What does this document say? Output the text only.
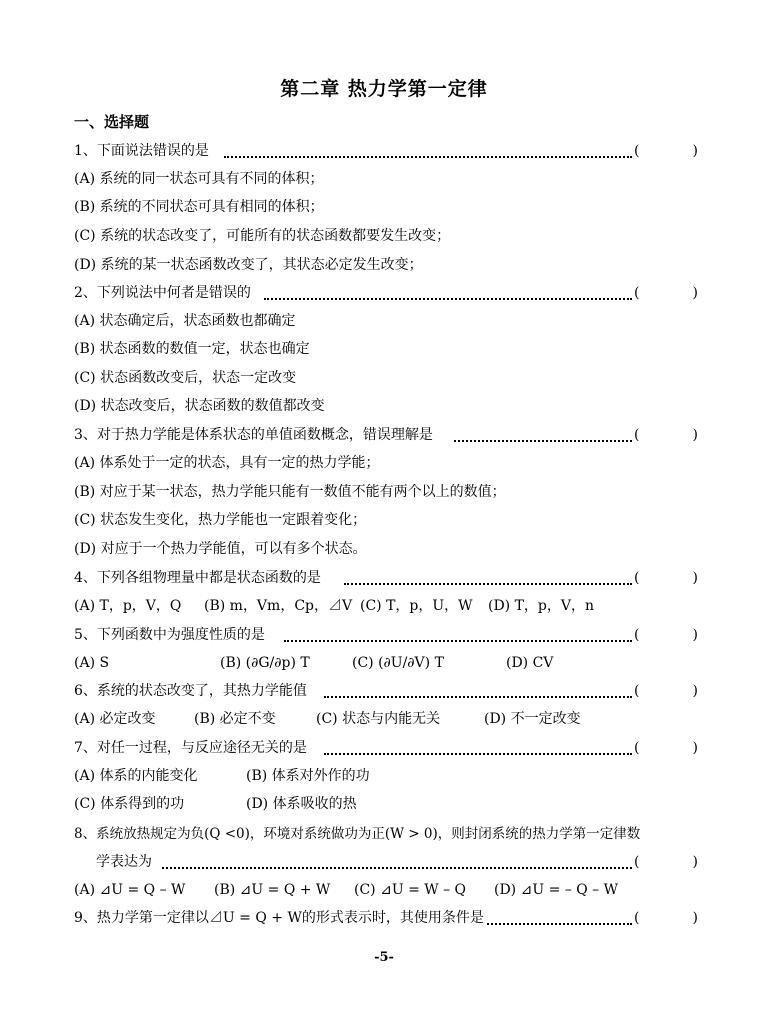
第二章 热力学第一定律
一、选择题
1、下面说法错误的是	(	)
(A) 系统的同一状态可具有不同的体积；
(B) 系统的不同状态可具有相同的体积；
(C) 系统的状态改变了，可能所有的状态函数都要发生改变；
(D) 系统的某一状态函数改变了，其状态必定发生改变；
2、下列说法中何者是错误的	(	)
(A) 状态确定后，状态函数也都确定
(B) 状态函数的数值一定，状态也确定
(C) 状态函数改变后，状态一定改变
(D) 状态改变后，状态函数的数值都改变
3、对于热力学能是体系状态的单值函数概念，错误理解是	(	)
(A) 体系处于一定的状态，具有一定的热力学能；
(B) 对应于某一状态，热力学能只能有一数值不能有两个以上的数值；
(C) 状态发生变化，热力学能也一定跟着变化；
(D) 对应于一个热力学能值，可以有多个状态。
4、下列各组物理量中都是状态函数的是	(	)
(A) T，p，V，Q (B) m，Vm，Cp，⊿V (C) T，p，U，W (D) T，p，V，n
5、下列函数中为强度性质的是	(	)
(A) S	(B) (∂G/∂p) T	(C) (∂U/∂V) T	(D) CV
6、系统的状态改变了，其热力学能值	(	)
(A) 必定改变	(B) 必定不变	(C) 状态与内能无关	(D) 不一定改变
7、对任一过程，与反应途径无关的是	(	)
(A) 体系的内能变化	(B) 体系对外作的功
(C) 体系得到的功	(D) 体系吸收的热
8、系统放热规定为负(Q <0)，环境对系统做功为正(W > 0)，则封闭系统的热力学第一定律数
学表达为	(	)
(A) ⊿U = Q – W (B) ⊿U = Q + W (C) ⊿U = W – Q (D) ⊿U = – Q – W
9、热力学第一定律以⊿U = Q + W的形式表示时，其使用条件是	(	)
-5-
